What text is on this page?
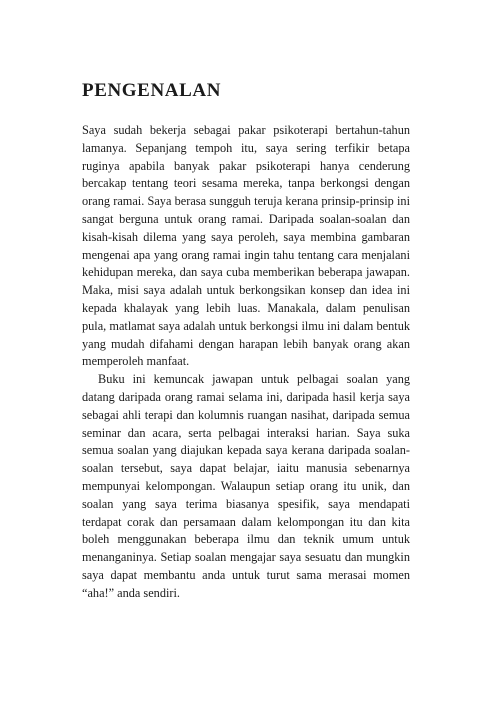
PENGENALAN

Saya sudah bekerja sebagai pakar psikoterapi bertahun-tahun lamanya. Sepanjang tempoh itu, saya sering terfikir betapa ruginya apabila banyak pakar psikoterapi hanya cenderung bercakap tentang teori sesama mereka, tanpa berkongsi dengan orang ramai. Saya berasa sungguh teruja kerana prinsip-prinsip ini sangat berguna untuk orang ramai. Daripada soalan-soalan dan kisah-kisah dilema yang saya peroleh, saya membina gambaran mengenai apa yang orang ramai ingin tahu tentang cara menjalani kehidupan mereka, dan saya cuba memberikan beberapa jawapan. Maka, misi saya adalah untuk berkongsikan konsep dan idea ini kepada khalayak yang lebih luas. Manakala, dalam penulisan pula, matlamat saya adalah untuk berkongsi ilmu ini dalam bentuk yang mudah difahami dengan harapan lebih banyak orang akan memperoleh manfaat.

Buku ini kemuncak jawapan untuk pelbagai soalan yang datang daripada orang ramai selama ini, daripada hasil kerja saya sebagai ahli terapi dan kolumnis ruangan nasihat, daripada semua seminar dan acara, serta pelbagai interaksi harian. Saya suka semua soalan yang diajukan kepada saya kerana daripada soalan-soalan tersebut, saya dapat belajar, iaitu manusia sebenarnya mempunyai kelompongan. Walaupun setiap orang itu unik, dan soalan yang saya terima biasanya spesifik, saya mendapati terdapat corak dan persamaan dalam kelompongan itu dan kita boleh menggunakan beberapa ilmu dan teknik umum untuk menanganinya. Setiap soalan mengajar saya sesuatu dan mungkin saya dapat membantu anda untuk turut sama merasai momen “aha!” anda sendiri.
